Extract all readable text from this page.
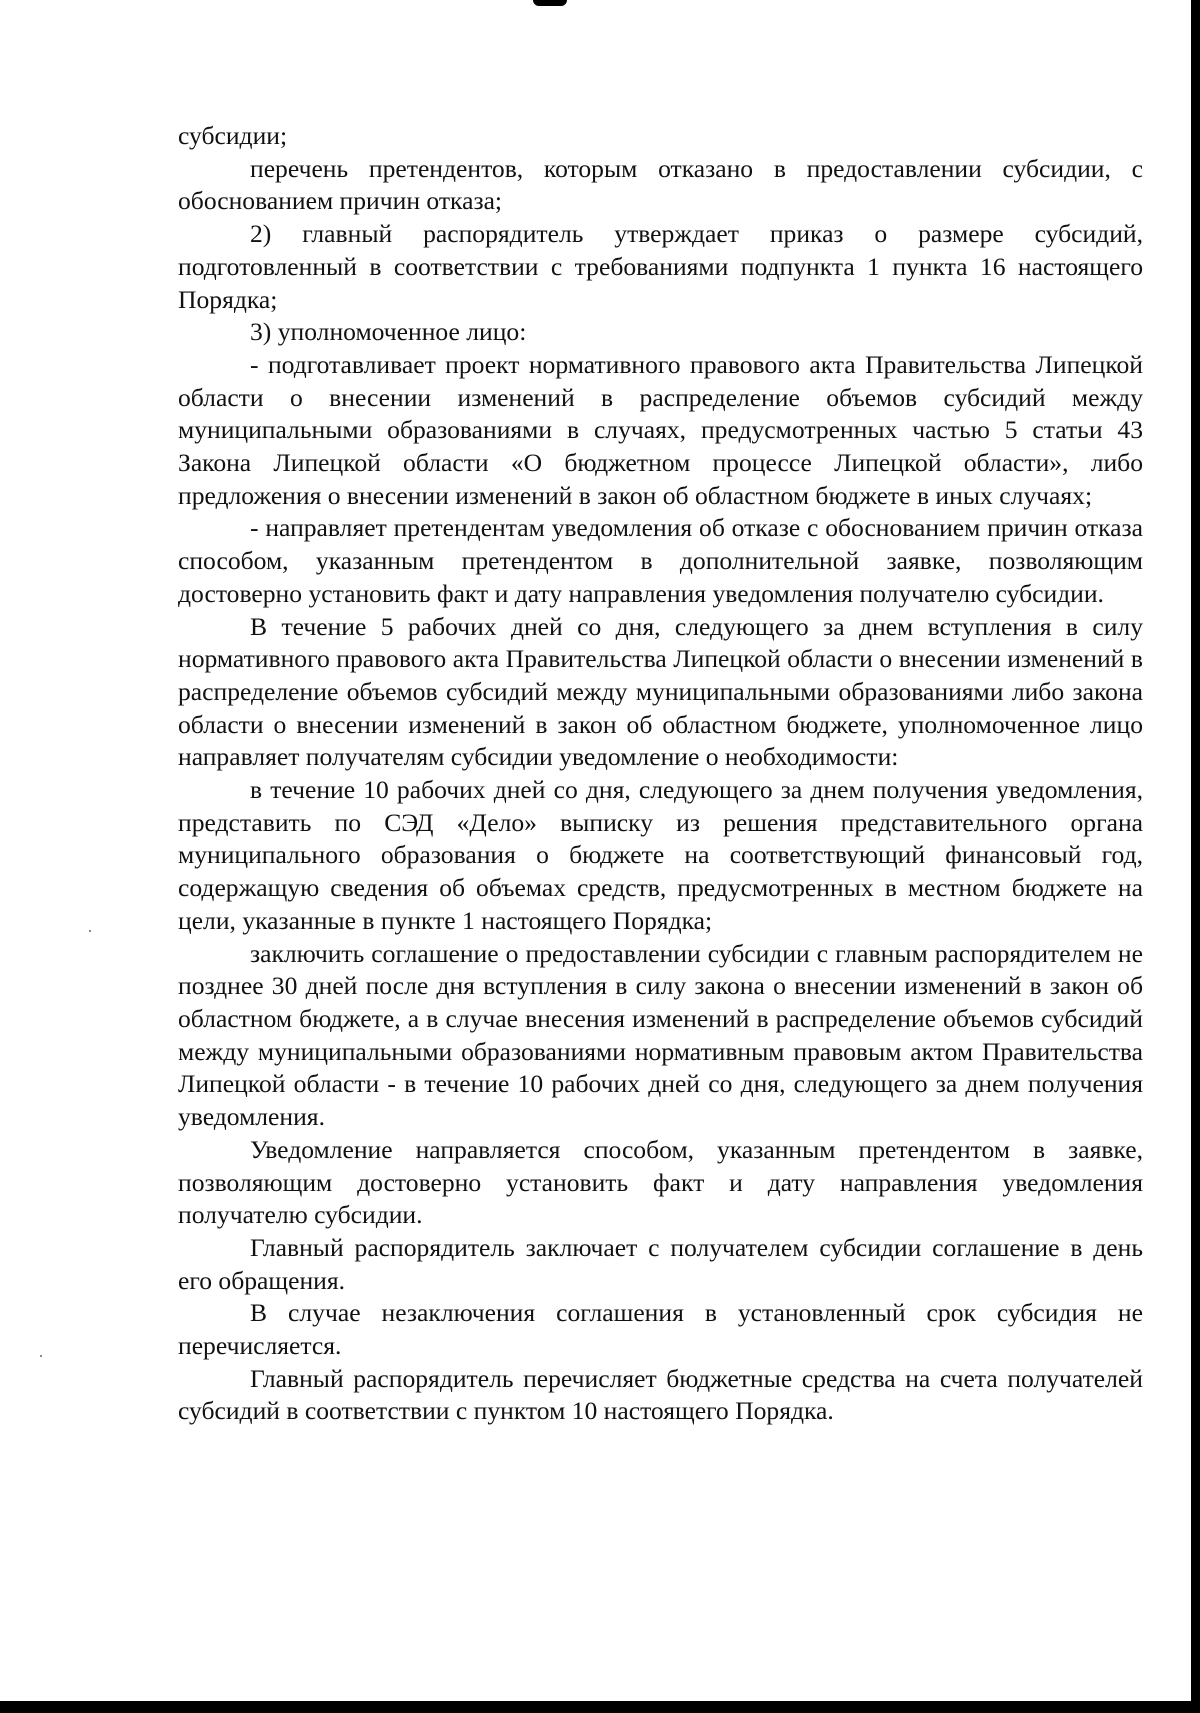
субсидии;

перечень претендентов, которым отказано в предоставлении субсидии, с обоснованием причин отказа;

2) главный распорядитель утверждает приказ о размере субсидий, подготовленный в соответствии с требованиями подпункта 1 пункта 16 настоящего Порядка;

3) уполномоченное лицо:

- подготавливает проект нормативного правового акта Правительства Липецкой области о внесении изменений в распределение объемов субсидий между муниципальными образованиями в случаях, предусмотренных частью 5 статьи 43 Закона Липецкой области «О бюджетном процессе Липецкой области», либо предложения о внесении изменений в закон об областном бюджете в иных случаях;

- направляет претендентам уведомления об отказе с обоснованием причин отказа способом, указанным претендентом в дополнительной заявке, позволяющим достоверно установить факт и дату направления уведомления получателю субсидии.

В течение 5 рабочих дней со дня, следующего за днем вступления в силу нормативного правового акта Правительства Липецкой области о внесении изменений в распределение объемов субсидий между муниципальными образованиями либо закона области о внесении изменений в закон об областном бюджете, уполномоченное лицо направляет получателям субсидии уведомление о необходимости:

в течение 10 рабочих дней со дня, следующего за днем получения уведомления, представить по СЭД «Дело» выписку из решения представительного органа муниципального образования о бюджете на соответствующий финансовый год, содержащую сведения об объемах средств, предусмотренных в местном бюджете на цели, указанные в пункте 1 настоящего Порядка;

заключить соглашение о предоставлении субсидии с главным распорядителем не позднее 30 дней после дня вступления в силу закона о внесении изменений в закон об областном бюджете, а в случае внесения изменений в распределение объемов субсидий между муниципальными образованиями нормативным правовым актом Правительства Липецкой области - в течение 10 рабочих дней со дня, следующего за днем получения уведомления.

Уведомление направляется способом, указанным претендентом в заявке, позволяющим достоверно установить факт и дату направления уведомления получателю субсидии.

Главный распорядитель заключает с получателем субсидии соглашение в день его обращения.

В случае незаключения соглашения в установленный срок субсидия не перечисляется.

Главный распорядитель перечисляет бюджетные средства на счета получателей субсидий в соответствии с пунктом 10 настоящего Порядка.
